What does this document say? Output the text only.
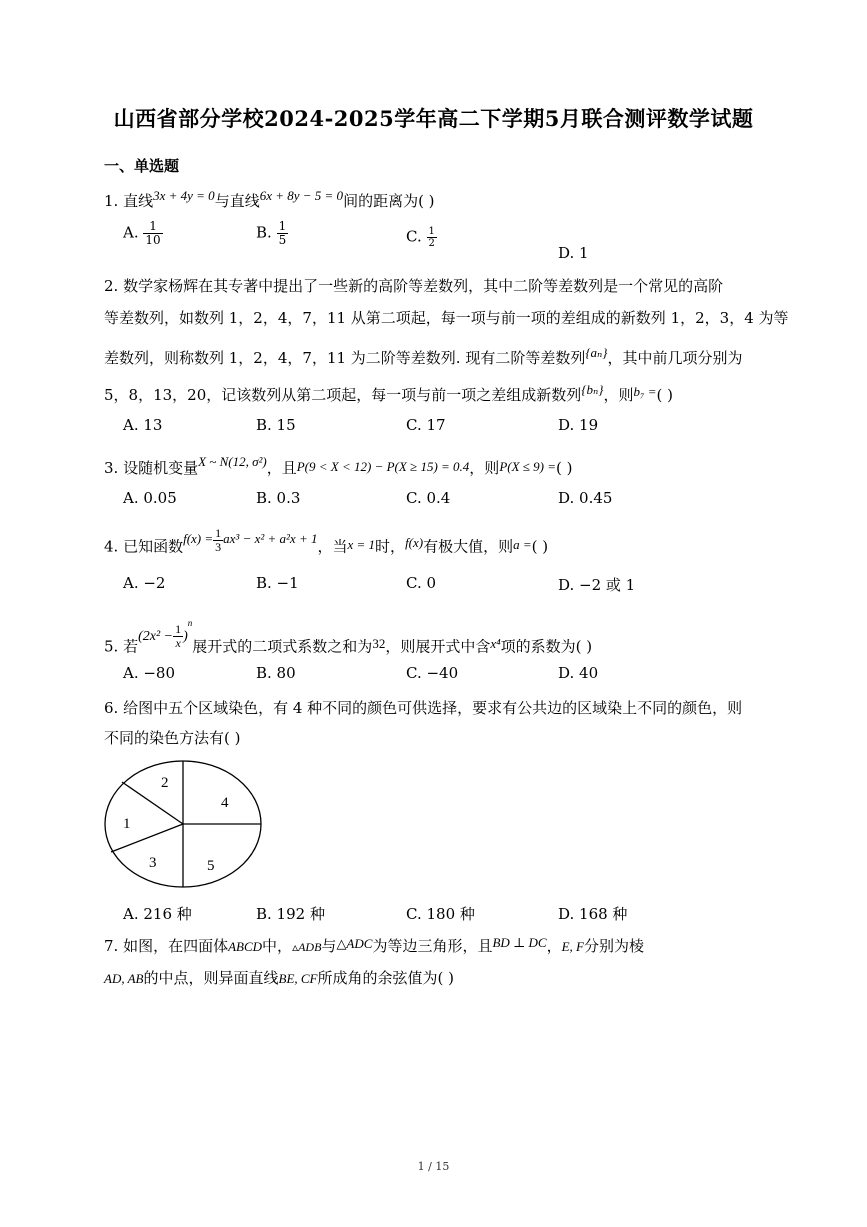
山西省部分学校2024-2025学年高二下学期5月联合测评数学试题
一、单选题
1. 直线3x + 4y = 0与直线6x + 8y − 5 = 0间的距离为( )
A. $\frac{1}{10}$	B. $\frac{1}{5}$	C. $\frac{1}{2}$
D. 1
2. 数学家杨辉在其专著中提出了一些新的高阶等差数列，其中二阶等差数列是一个常见的高阶
等差数列，如数列 1，2，4，7，11 从第二项起，每一项与前一项的差组成的新数列 1，2，3，4 为等
差数列，则称数列 1，2，4，7，11 为二阶等差数列. 现有二阶等差数列{aₙ}，其中前几项分别为
5，8，13，20，记该数列从第二项起，每一项与前一项之差组成新数列{bₙ}，则b₇ =( )
A. 13	B. 15	C. 17	D. 19
3. 设随机变量X ~ N(12, σ²)，且P(9 < X < 12) − P(X ≥ 15) = 0.4，则P(X ≤ 9) =( )
A. 0.05	B. 0.3	C. 0.4	D. 0.45
4. 已知函数$f(x) = \frac{1}{3} ax^3 - x^2 + a^2x + 1$，当x = 1时，f(x)有极大值，则a =( )
A. −2	B. −1	C. 0	D. −2 或 1
5. 若$(2x^2 - \frac{1}{x} )^n$展开式的二项式系数之和为32，则展开式中含x⁴项的系数为( )
A. −80	B. 80	C. −40	D. 40
6. 给图中五个区域染色，有 4 种不同的颜色可供选择，要求有公共边的区域染上不同的颜色，则
不同的染色方法有( )
1
2
3
4
5
A. 216 种	B. 192 种	C. 180 种	D. 168 种
7. 如图，在四面体ABCD中，▵ADB与△ADC为等边三角形，且BD ⊥ DC，E, F分别为棱
AD, AB的中点，则异面直线BE, CF所成角的余弦值为( )
1 / 15
